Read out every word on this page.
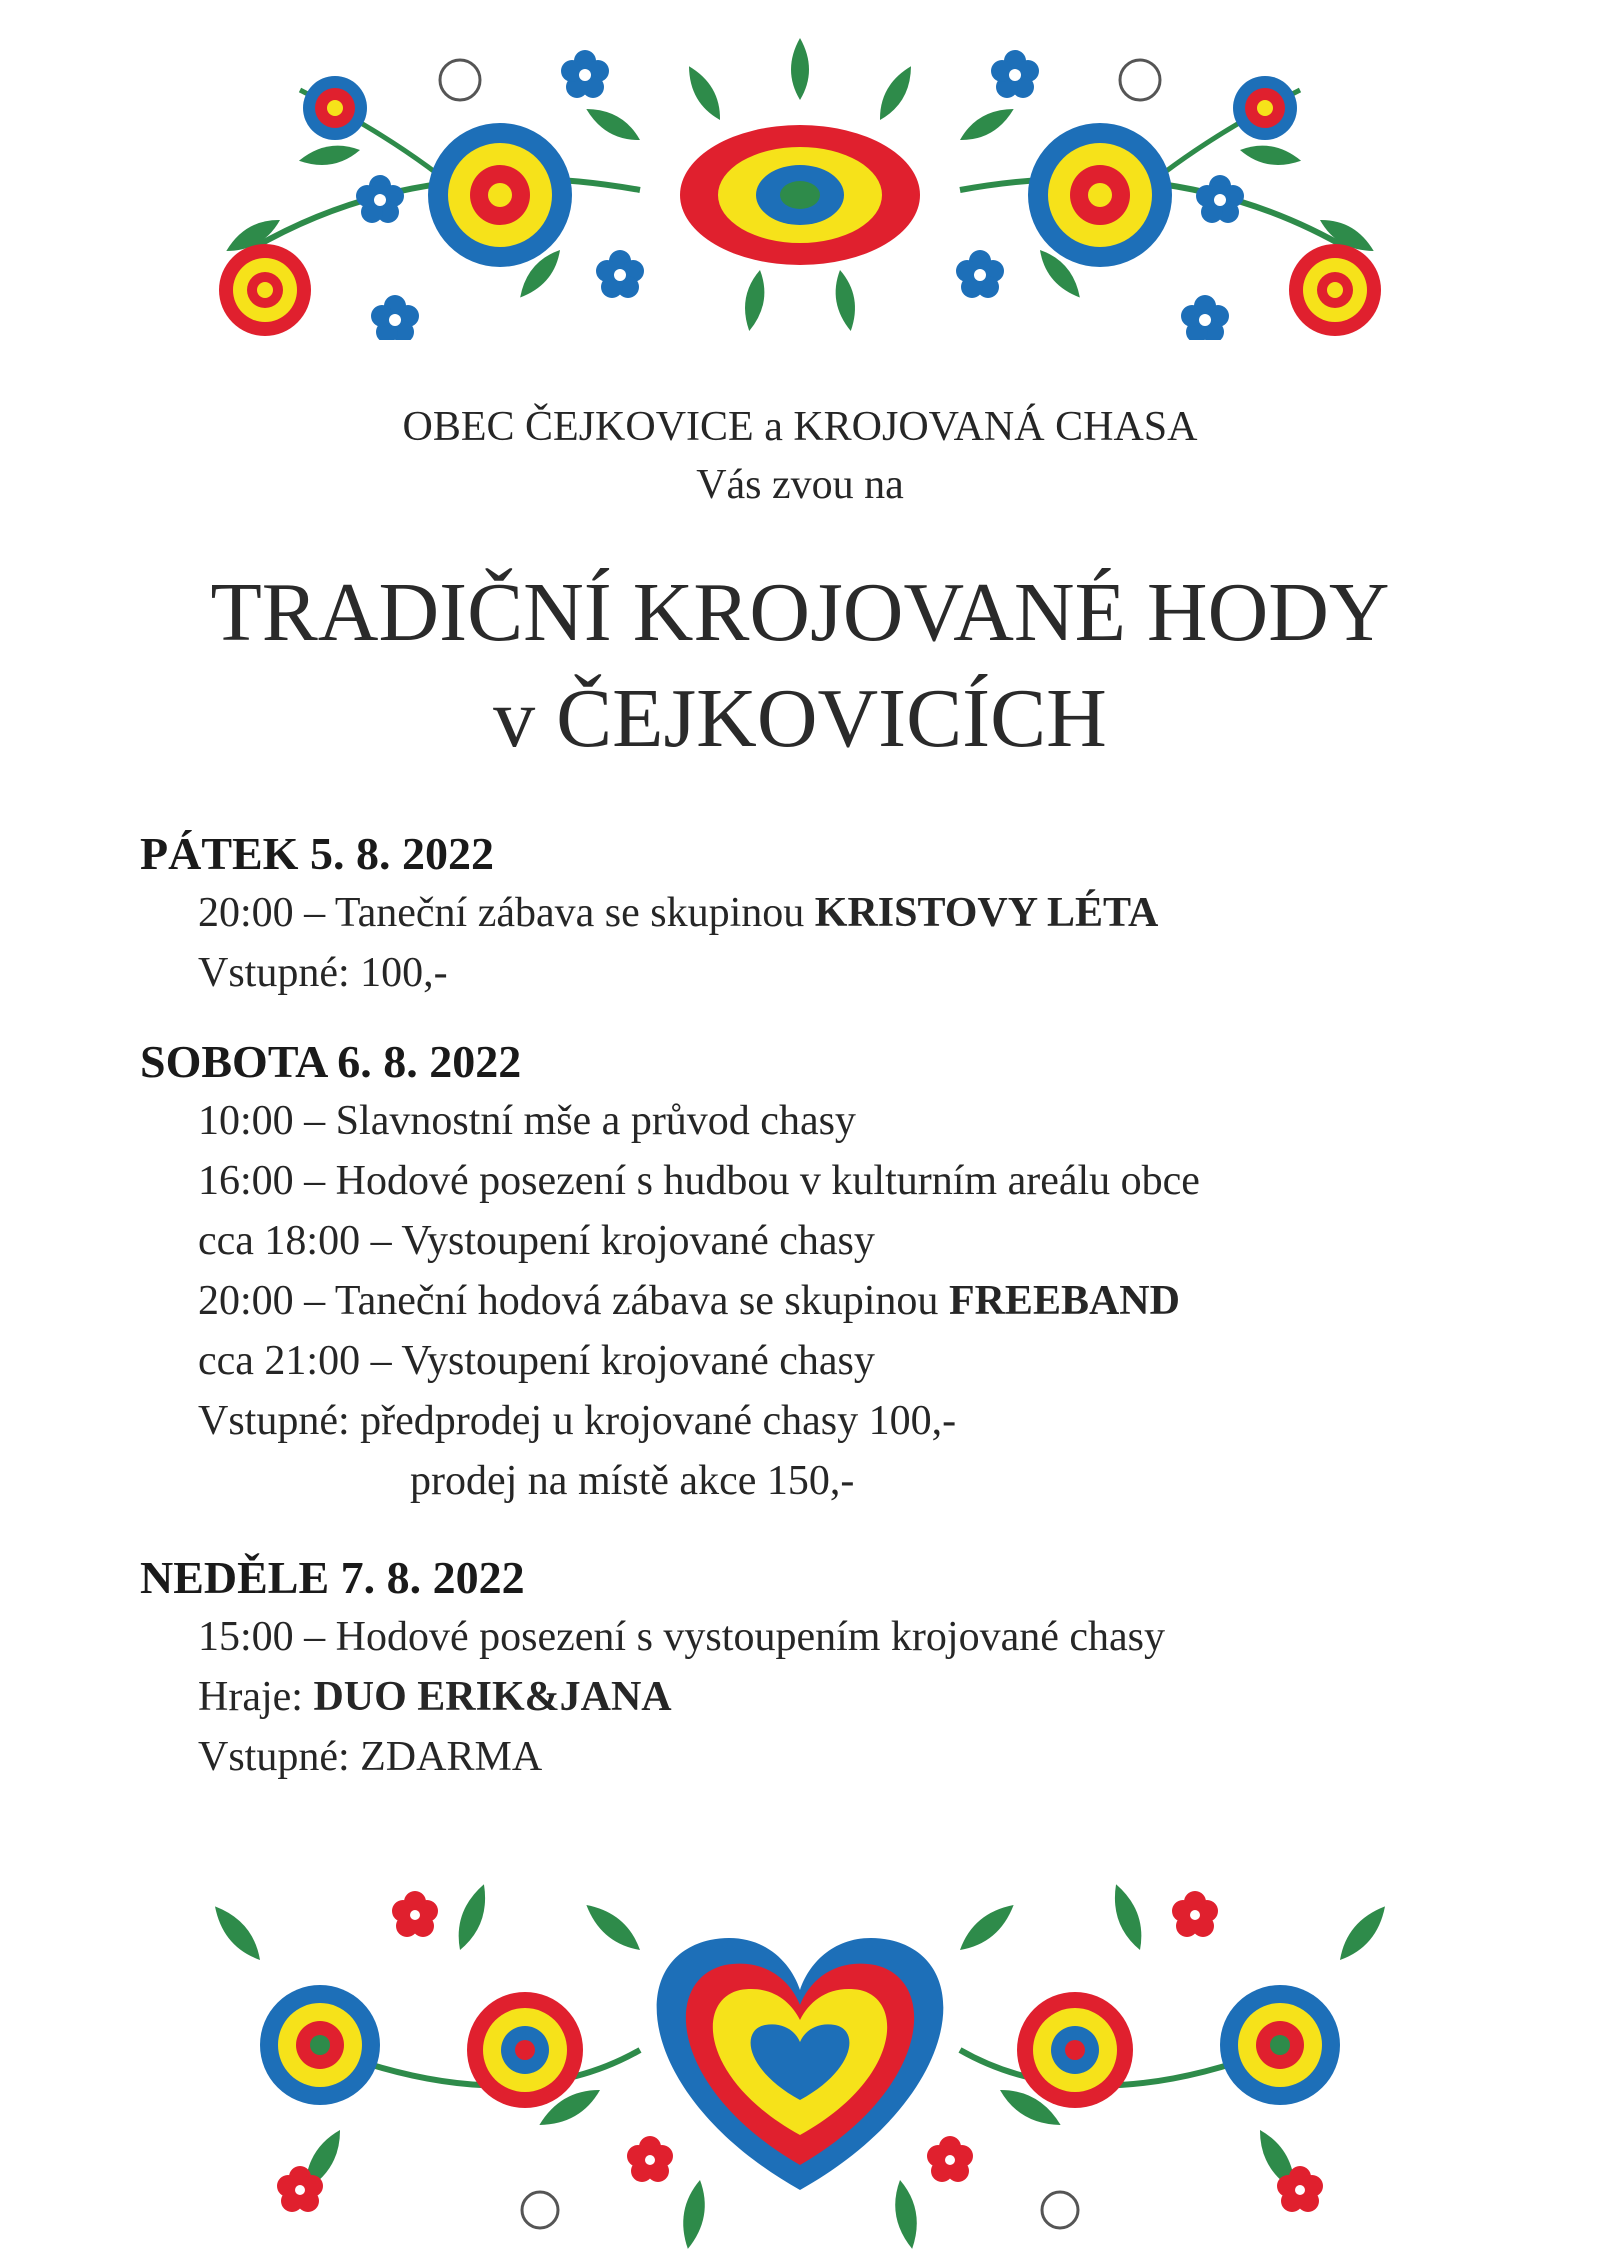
OBEC ČEJKOVICE a KROJOVANÁ CHASA
Vás zvou na
TRADIČNÍ KROJOVANÉ HODY
v ČEJKOVICÍCH
PÁTEK 5. 8. 2022
20:00 – Taneční zábava se skupinou KRISTOVY LÉTA
Vstupné: 100,-
SOBOTA 6. 8. 2022
10:00 – Slavnostní mše a průvod chasy
16:00 – Hodové posezení s hudbou v kulturním areálu obce
cca 18:00 – Vystoupení krojované chasy
20:00 – Taneční hodová zábava se skupinou FREEBAND
cca 21:00 – Vystoupení krojované chasy
Vstupné: předprodej u krojované chasy 100,-
prodej na místě akce 150,-
NEDĚLE 7. 8. 2022
15:00 – Hodové posezení s vystoupením krojované chasy
Hraje: DUO ERIK&JANA
Vstupné: ZDARMA
